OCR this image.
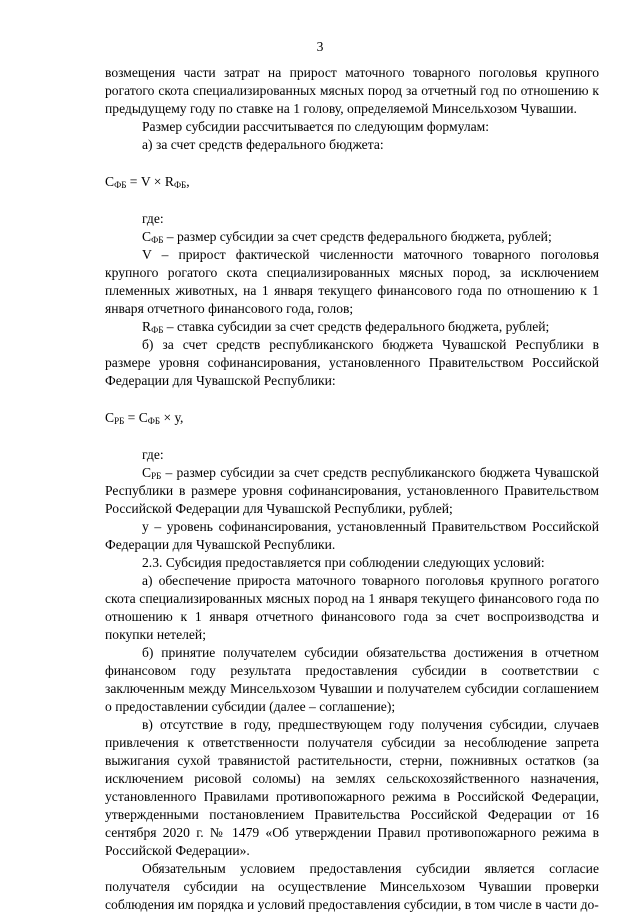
3

возмещения части затрат на прирост маточного товарного поголовья крупного рогатого скота специализированных мясных пород за отчетный год по отношению к предыдущему году по ставке на 1 голову, определяемой Минсельхозом Чувашии.

Размер субсидии рассчитывается по следующим формулам:

а) за счет средств федерального бюджета:

$С_{ФБ} = V \times R_{ФБ}$,

где:

$С_{ФБ}$ – размер субсидии за счет средств федерального бюджета, рублей;

V – прирост фактической численности маточного товарного поголовья крупного рогатого скота специализированных мясных пород, за исключением племенных животных, на 1 января текущего финансового года по отношению к 1 января отчетного финансового года, голов;

$R_{ФБ}$ – ставка субсидии за счет средств федерального бюджета, рублей;

б) за счет средств республиканского бюджета Чувашской Республики в размере уровня софинансирования, установленного Правительством Российской Федерации для Чувашской Республики:

$С_{РБ} = С_{ФБ} \times у$,

где:

$С_{РБ}$ – размер субсидии за счет средств республиканского бюджета Чувашской Республики в размере уровня софинансирования, установленного Правительством Российской Федерации для Чувашской Республики, рублей;

у – уровень софинансирования, установленный Правительством Российской Федерации для Чувашской Республики.

2.3. Субсидия предоставляется при соблюдении следующих условий:

а) обеспечение прироста маточного товарного поголовья крупного рогатого скота специализированных мясных пород на 1 января текущего финансового года по отношению к 1 января отчетного финансового года за счет воспроизводства и покупки нетелей;

б) принятие получателем субсидии обязательства достижения в отчетном финансовом году результата предоставления субсидии в соответствии с заключенным между Минсельхозом Чувашии и получателем субсидии соглашением о предоставлении субсидии (далее – соглашение);

в) отсутствие в году, предшествующем году получения субсидии, случаев привлечения к ответственности получателя субсидии за несоблюдение запрета выжигания сухой травянистой растительности, стерни, пожнивных остатков (за исключением рисовой соломы) на землях сельскохозяйственного назначения, установленного Правилами противопожарного режима в Российской Федерации, утвержденными постановлением Правительства Российской Федерации от 16 сентября 2020 г. № 1479 «Об утверждении Правил противопожарного режима в Российской Федерации».

Обязательным условием предоставления субсидии является согласие получателя субсидии на осуществление Минсельхозом Чувашии проверки соблюдения им порядка и условий предоставления субсидии, в том числе в части до-
